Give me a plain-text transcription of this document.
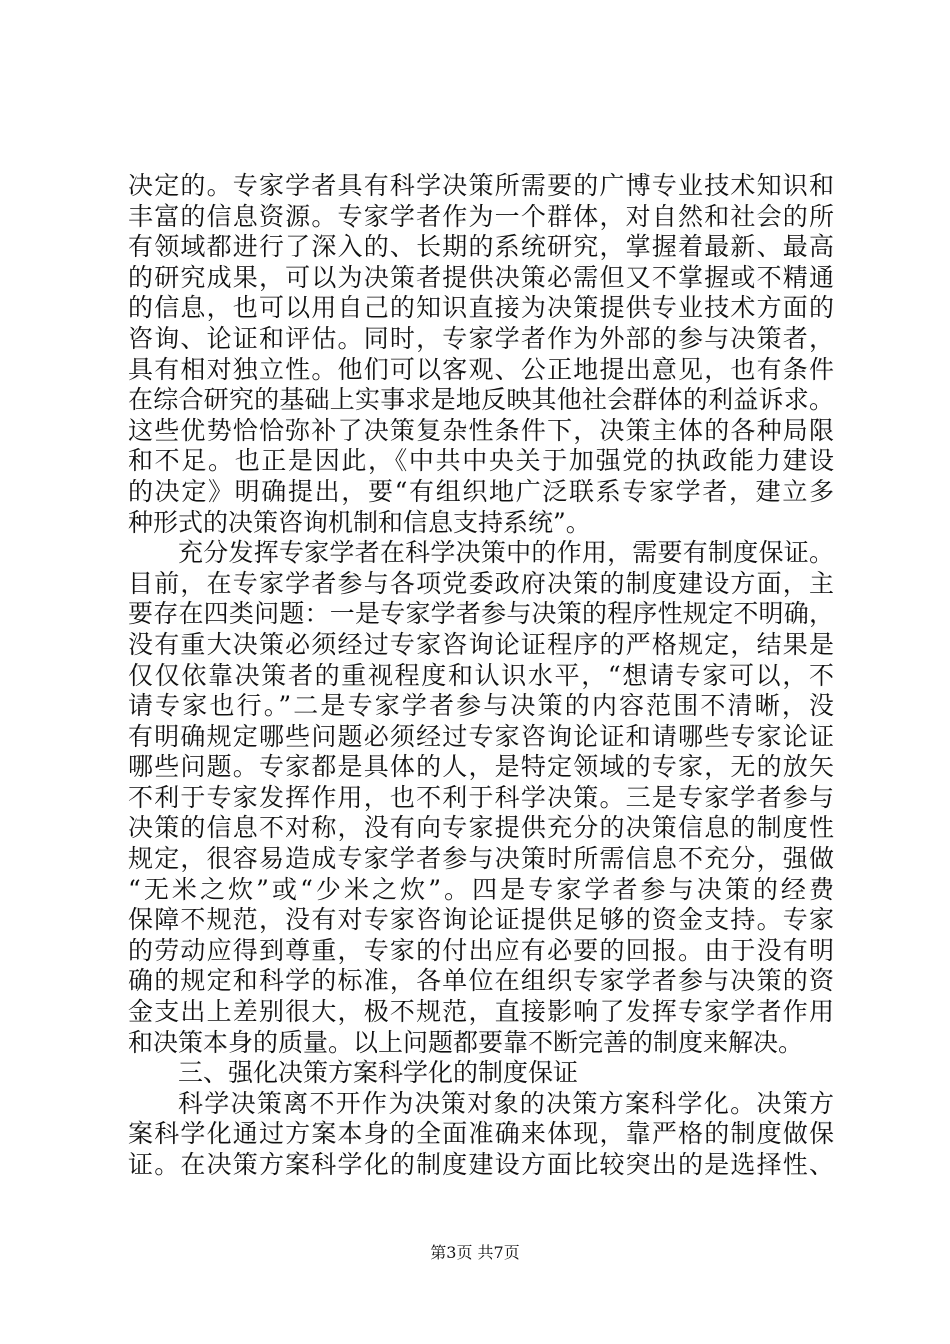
决定的。专家学者具有科学决策所需要的广博专业技术知识和
丰富的信息资源。专家学者作为一个群体，对自然和社会的所
有领域都进行了深入的、长期的系统研究，掌握着最新、最高
的研究成果，可以为决策者提供决策必需但又不掌握或不精通
的信息，也可以用自己的知识直接为决策提供专业技术方面的
咨询、论证和评估。同时，专家学者作为外部的参与决策者，
具有相对独立性。他们可以客观、公正地提出意见，也有条件
在综合研究的基础上实事求是地反映其他社会群体的利益诉求。
这些优势恰恰弥补了决策复杂性条件下，决策主体的各种局限
和不足。也正是因此，《中共中央关于加强党的执政能力建设
的决定》明确提出，要“有组织地广泛联系专家学者，建立多
种形式的决策咨询机制和信息支持系统”。
充分发挥专家学者在科学决策中的作用，需要有制度保证。
目前，在专家学者参与各项党委政府决策的制度建设方面，主
要存在四类问题：一是专家学者参与决策的程序性规定不明确，
没有重大决策必须经过专家咨询论证程序的严格规定，结果是
仅仅依靠决策者的重视程度和认识水平，“想请专家可以，不
请专家也行。”二是专家学者参与决策的内容范围不清晰，没
有明确规定哪些问题必须经过专家咨询论证和请哪些专家论证
哪些问题。专家都是具体的人，是特定领域的专家，无的放矢
不利于专家发挥作用，也不利于科学决策。三是专家学者参与
决策的信息不对称，没有向专家提供充分的决策信息的制度性
规定，很容易造成专家学者参与决策时所需信息不充分，强做
“无米之炊”或“少米之炊”。四是专家学者参与决策的经费
保障不规范，没有对专家咨询论证提供足够的资金支持。专家
的劳动应得到尊重，专家的付出应有必要的回报。由于没有明
确的规定和科学的标准，各单位在组织专家学者参与决策的资
金支出上差别很大，极不规范，直接影响了发挥专家学者作用
和决策本身的质量。以上问题都要靠不断完善的制度来解决。
三、强化决策方案科学化的制度保证
科学决策离不开作为决策对象的决策方案科学化。决策方
案科学化通过方案本身的全面准确来体现，靠严格的制度做保
证。在决策方案科学化的制度建设方面比较突出的是选择性、
第3页 共7页
